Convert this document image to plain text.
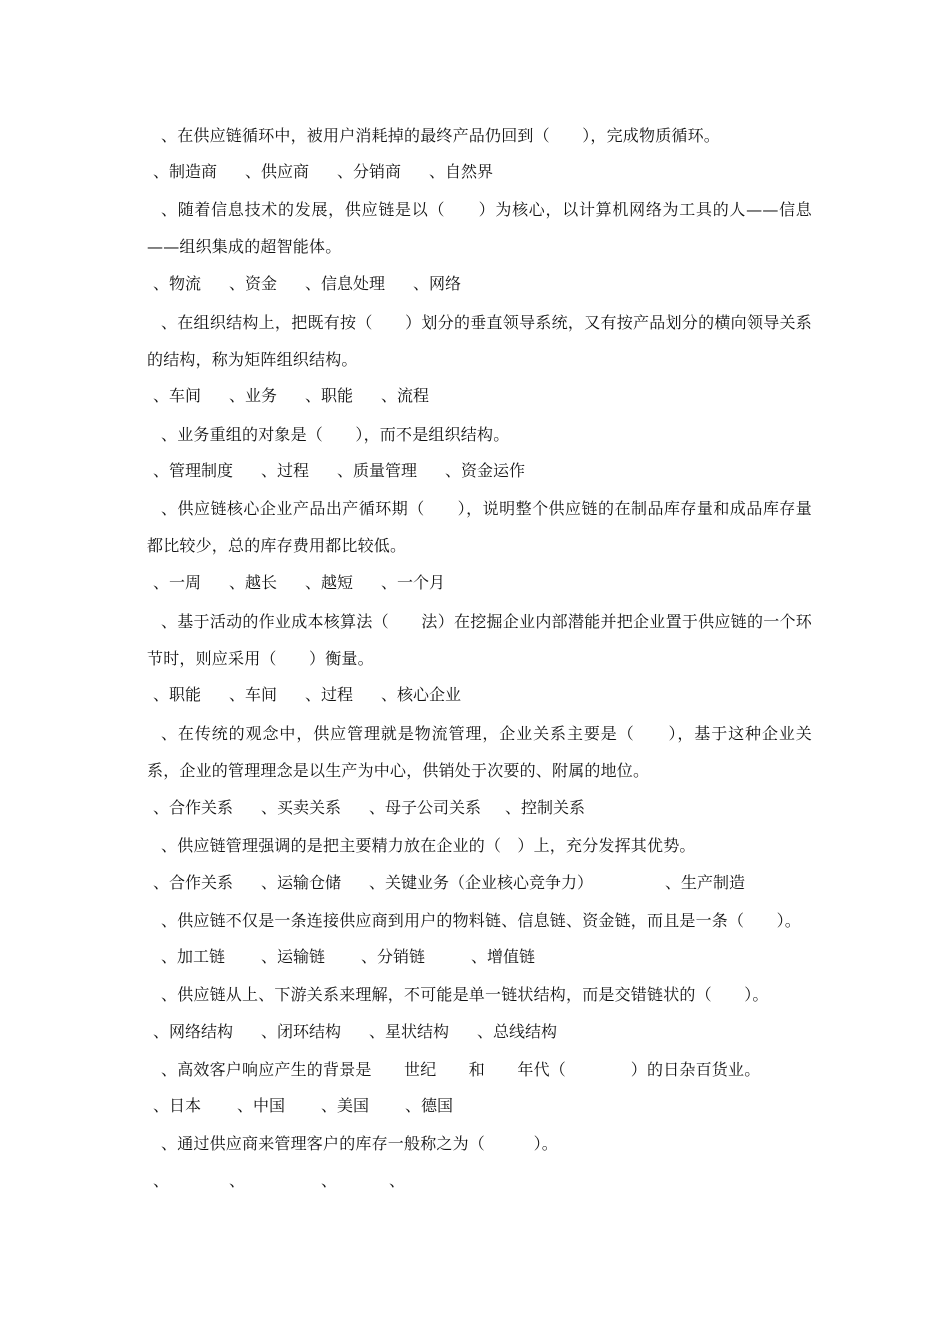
、在供应链循环中，被用户消耗掉的最终产品仍回到（　　），完成物质循环。
、制造商 、供应商 、分销商 、自然界
、随着信息技术的发展，供应链是以（　　）为核心，以计算机网络为工具的人——信息——组织集成的超智能体。
、物流 、资金 、信息处理 、网络
、在组织结构上，把既有按（　　）划分的垂直领导系统，又有按产品划分的横向领导关系的结构，称为矩阵组织结构。
、车间 、业务 、职能 、流程
、业务重组的对象是（　　），而不是组织结构。
、管理制度 、过程 、质量管理 、资金运作
、供应链核心企业产品出产循环期（　　），说明整个供应链的在制品库存量和成品库存量都比较少，总的库存费用都比较低。
、一周 、越长 、越短 、一个月
、基于活动的作业成本核算法（　　法）在挖掘企业内部潜能并把企业置于供应链的一个环节时，则应采用（　　）衡量。
、职能 、车间 、过程 、核心企业
、在传统的观念中，供应管理就是物流管理，企业关系主要是（　　），基于这种企业关系，企业的管理理念是以生产为中心，供销处于次要的、附属的地位。
、合作关系 、买卖关系 、母子公司关系 、控制关系
、供应链管理强调的是把主要精力放在企业的（　）上，充分发挥其优势。
、合作关系 、运输仓储 、关键业务（企业核心竞争力）	、生产制造
、供应链不仅是一条连接供应商到用户的物料链、信息链、资金链，而且是一条（　　）。
、加工链 、运输链 、分销链	、增值链
、供应链从上、下游关系来理解，不可能是单一链状结构，而是交错链状的（　　）。
、网络结构 、闭环结构 、星状结构 、总线结构
、高效客户响应产生的背景是　　世纪　　和　　年代（　　　　）的日杂百货业。
、日本 、中国 、美国 、德国
、通过供应商来管理客户的库存一般称之为（　　　）。
、	、	、	、
